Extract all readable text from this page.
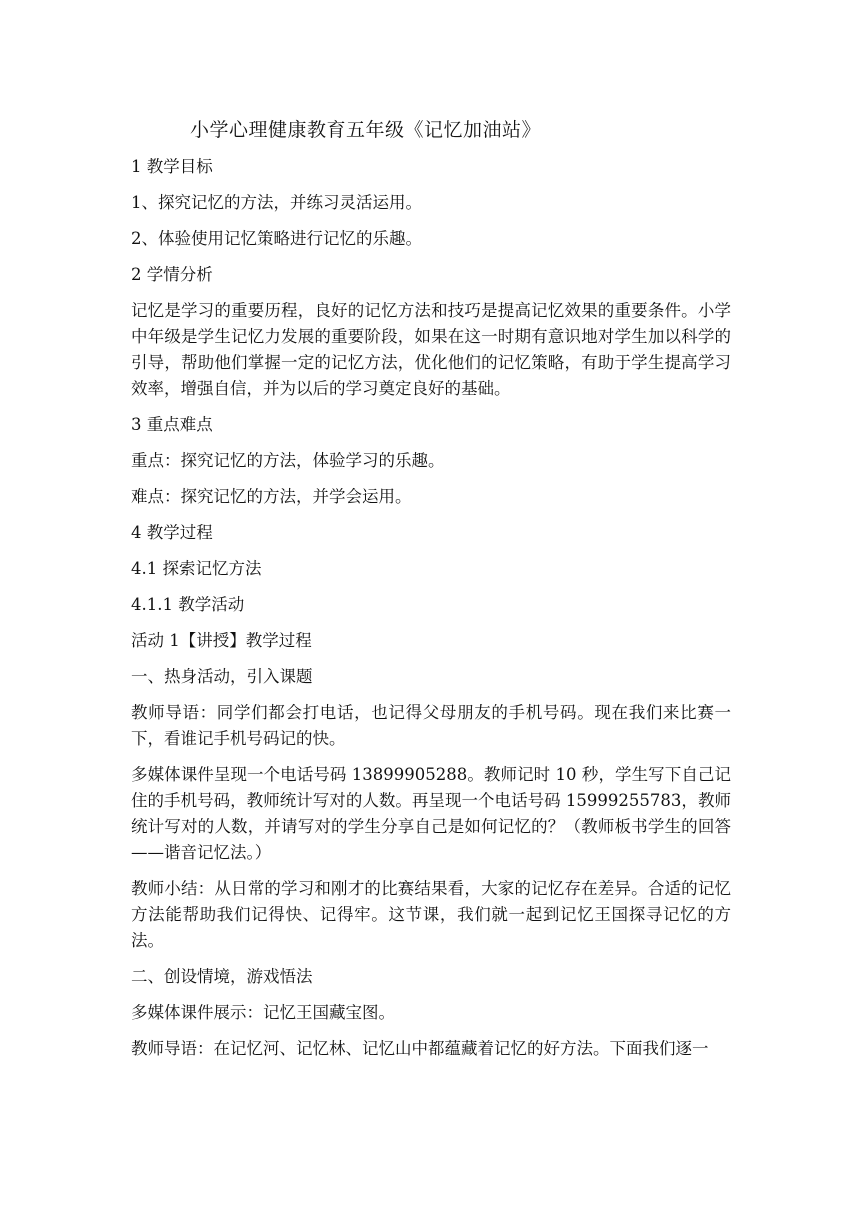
小学心理健康教育五年级《记忆加油站》

1 教学目标

1、探究记忆的方法，并练习灵活运用。

2、体验使用记忆策略进行记忆的乐趣。

2 学情分析

记忆是学习的重要历程，良好的记忆方法和技巧是提高记忆效果的重要条件。小学中年级是学生记忆力发展的重要阶段，如果在这一时期有意识地对学生加以科学的引导，帮助他们掌握一定的记忆方法，优化他们的记忆策略，有助于学生提高学习效率，增强自信，并为以后的学习奠定良好的基础。

3 重点难点

重点：探究记忆的方法，体验学习的乐趣。

难点：探究记忆的方法，并学会运用。

4 教学过程

4.1 探索记忆方法

4.1.1 教学活动

活动 1【讲授】教学过程

一、热身活动，引入课题

教师导语：同学们都会打电话，也记得父母朋友的手机号码。现在我们来比赛一下，看谁记手机号码记的快。

多媒体课件呈现一个电话号码 13899905288。教师记时 10 秒，学生写下自己记住的手机号码，教师统计写对的人数。再呈现一个电话号码 15999255783，教师统计写对的人数，并请写对的学生分享自己是如何记忆的？（教师板书学生的回答——谐音记忆法。）

教师小结：从日常的学习和刚才的比赛结果看，大家的记忆存在差异。合适的记忆方法能帮助我们记得快、记得牢。这节课，我们就一起到记忆王国探寻记忆的方法。

二、创设情境，游戏悟法

多媒体课件展示：记忆王国藏宝图。

教师导语：在记忆河、记忆林、记忆山中都蕴藏着记忆的好方法。下面我们逐一
